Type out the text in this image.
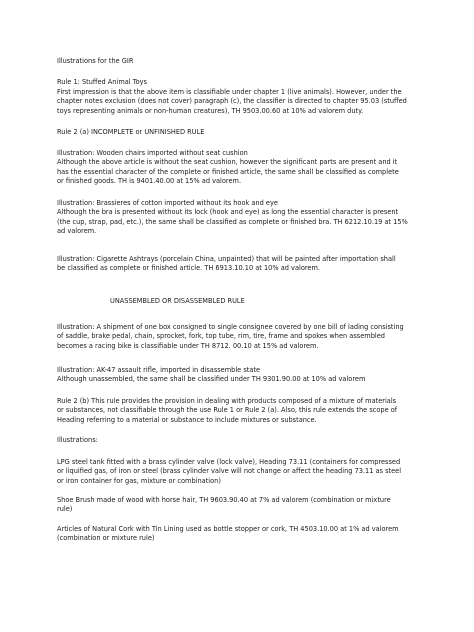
Illustrations for the GIR

Rule 1: Stuffed Animal Toys

First impression is that the above item is classifiable under chapter 1 (live animals). However, under the
chapter notes exclusion (does not cover) paragraph (c), the classifier is directed to chapter 95.03 (stuffed
toys representing animals or non-human creatures), TH 9503.00.60 at 10% ad valorem duty.

Rule 2 (a) INCOMPLETE or UNFINISHED RULE

Illustration: Wooden chairs imported without seat cushion
Although the above article is without the seat cushion, however the significant parts are present and it
has the essential character of the complete or finished article, the same shall be classified as complete
or finished goods. TH is 9401.40.00 at 15% ad valorem.

Illustration: Brassieres of cotton imported without its hook and eye
Although the bra is presented without its lock (hook and eye) as long the essential character is present
(the cup, strap, pad, etc.), the same shall be classified as complete or finished bra. TH 6212.10.19 at 15%
ad valorem.

Illustration: Cigarette Ashtrays (porcelain China, unpainted) that will be painted after importation shall
be classified as complete or finished article. TH 6913.10.10 at 10% ad valorem.

UNASSEMBLED OR DISASSEMBLED RULE

Illustration: A shipment of one box consigned to single consignee covered by one bill of lading consisting
of saddle, brake pedal, chain, sprocket, fork, top tube, rim, tire, frame and spokes when assembled
becomes a racing bike is classifiable under TH 8712. 00.10 at 15% ad valorem.

Illustration: AK-47 assault rifle, imported in disassemble state
Although unassembled, the same shall be classified under TH 9301.90.00 at 10% ad valorem

Rule 2 (b) This rule provides the provision in dealing with products composed of a mixture of materials
or substances, not classifiable through the use Rule 1 or Rule 2 (a). Also, this rule extends the scope of
Heading referring to a material or substance to include mixtures or substance.

Illustrations:

LPG steel tank fitted with a brass cylinder valve (lock valve), Heading 73.11 (containers for compressed
or liquified gas, of iron or steel (brass cylinder valve will not change or affect the heading 73.11 as steel
or iron container for gas, mixture or combination)

Shoe Brush made of wood with horse hair, TH 9603.90.40 at 7% ad valorem (combination or mixture
rule)

Articles of Natural Cork with Tin Lining used as bottle stopper or cork, TH 4503.10.00 at 1% ad valorem
(combination or mixture rule)
